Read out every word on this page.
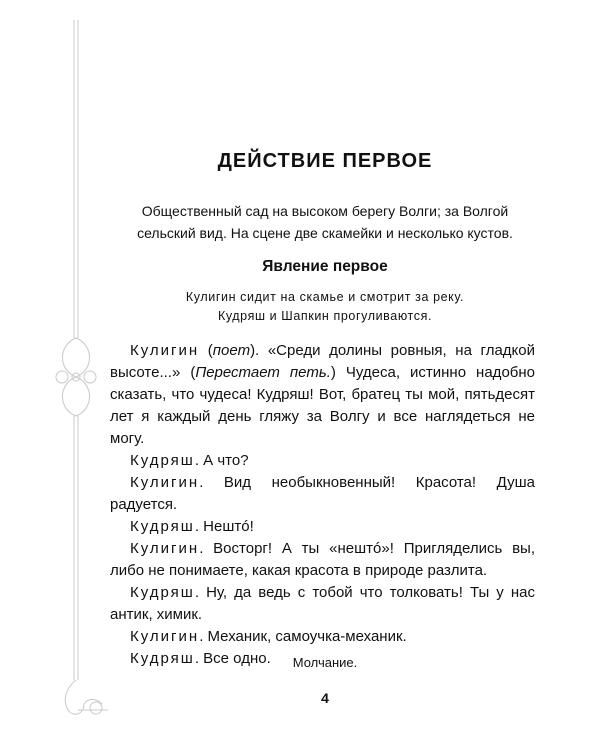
ДЕЙСТВИЕ ПЕРВОЕ
Общественный сад на высоком берегу Волги; за Волгой
сельский вид. На сцене две скамейки и несколько кустов.
Явление первое
Кулигин сидит на скамье и смотрит за реку.
Кудряш и Шапкин прогуливаются.

Кулигин (поет). «Среди долины ровныя, на гладкой высоте...» (Перестает петь.) Чудеса, истинно надобно сказать, что чудеса! Кудряш! Вот, братец ты мой, пятьдесят лет я каждый день гляжу за Волгу и все наглядеться не могу.

Кудряш. А что?

Кулигин. Вид необыкновенный! Красота! Душа радуется.

Кудряш. Нештó!

Кулигин. Восторг! А ты «нештó»! Пригляделись вы, либо не понимаете, какая красота в природе разлита.

Кудряш. Ну, да ведь с тобой что толковать! Ты у нас антик, химик.

Кулигин. Механик, самоучка-механик.

Кудряш. Все одно.	Молчание.
4
